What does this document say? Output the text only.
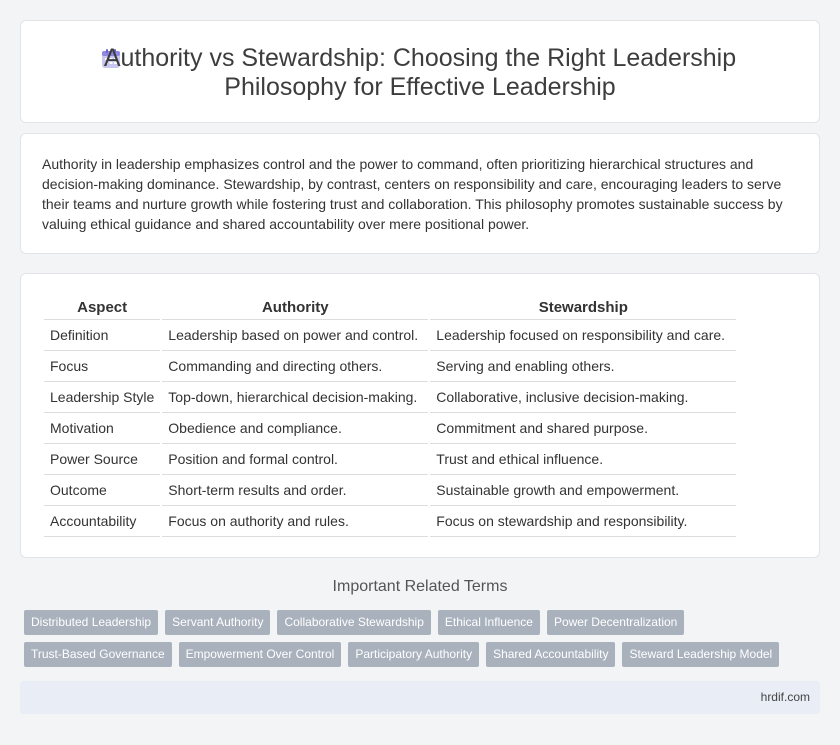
Authority vs Stewardship: Choosing the Right Leadership
Philosophy for Effective Leadership

Authority in leadership emphasizes control and the power to command, often prioritizing hierarchical structures and decision-making dominance. Stewardship, by contrast, centers on responsibility and care, encouraging leaders to serve their teams and nurture growth while fostering trust and collaboration. This philosophy promotes sustainable success by valuing ethical guidance and shared accountability over mere positional power.

Aspect	Authority	Stewardship
Definition	Leadership based on power and control.	Leadership focused on responsibility and care.
Focus	Commanding and directing others.	Serving and enabling others.
Leadership Style	Top-down, hierarchical decision-making.	Collaborative, inclusive decision-making.
Motivation	Obedience and compliance.	Commitment and shared purpose.
Power Source	Position and formal control.	Trust and ethical influence.
Outcome	Short-term results and order.	Sustainable growth and empowerment.
Accountability	Focus on authority and rules.	Focus on stewardship and responsibility.
Important Related Terms
Distributed Leadership	Servant Authority	Collaborative Stewardship	Ethical Influence	Power Decentralization
Trust-Based Governance	Empowerment Over Control	Participatory Authority	Shared Accountability	Steward Leadership Model
hrdif.com
